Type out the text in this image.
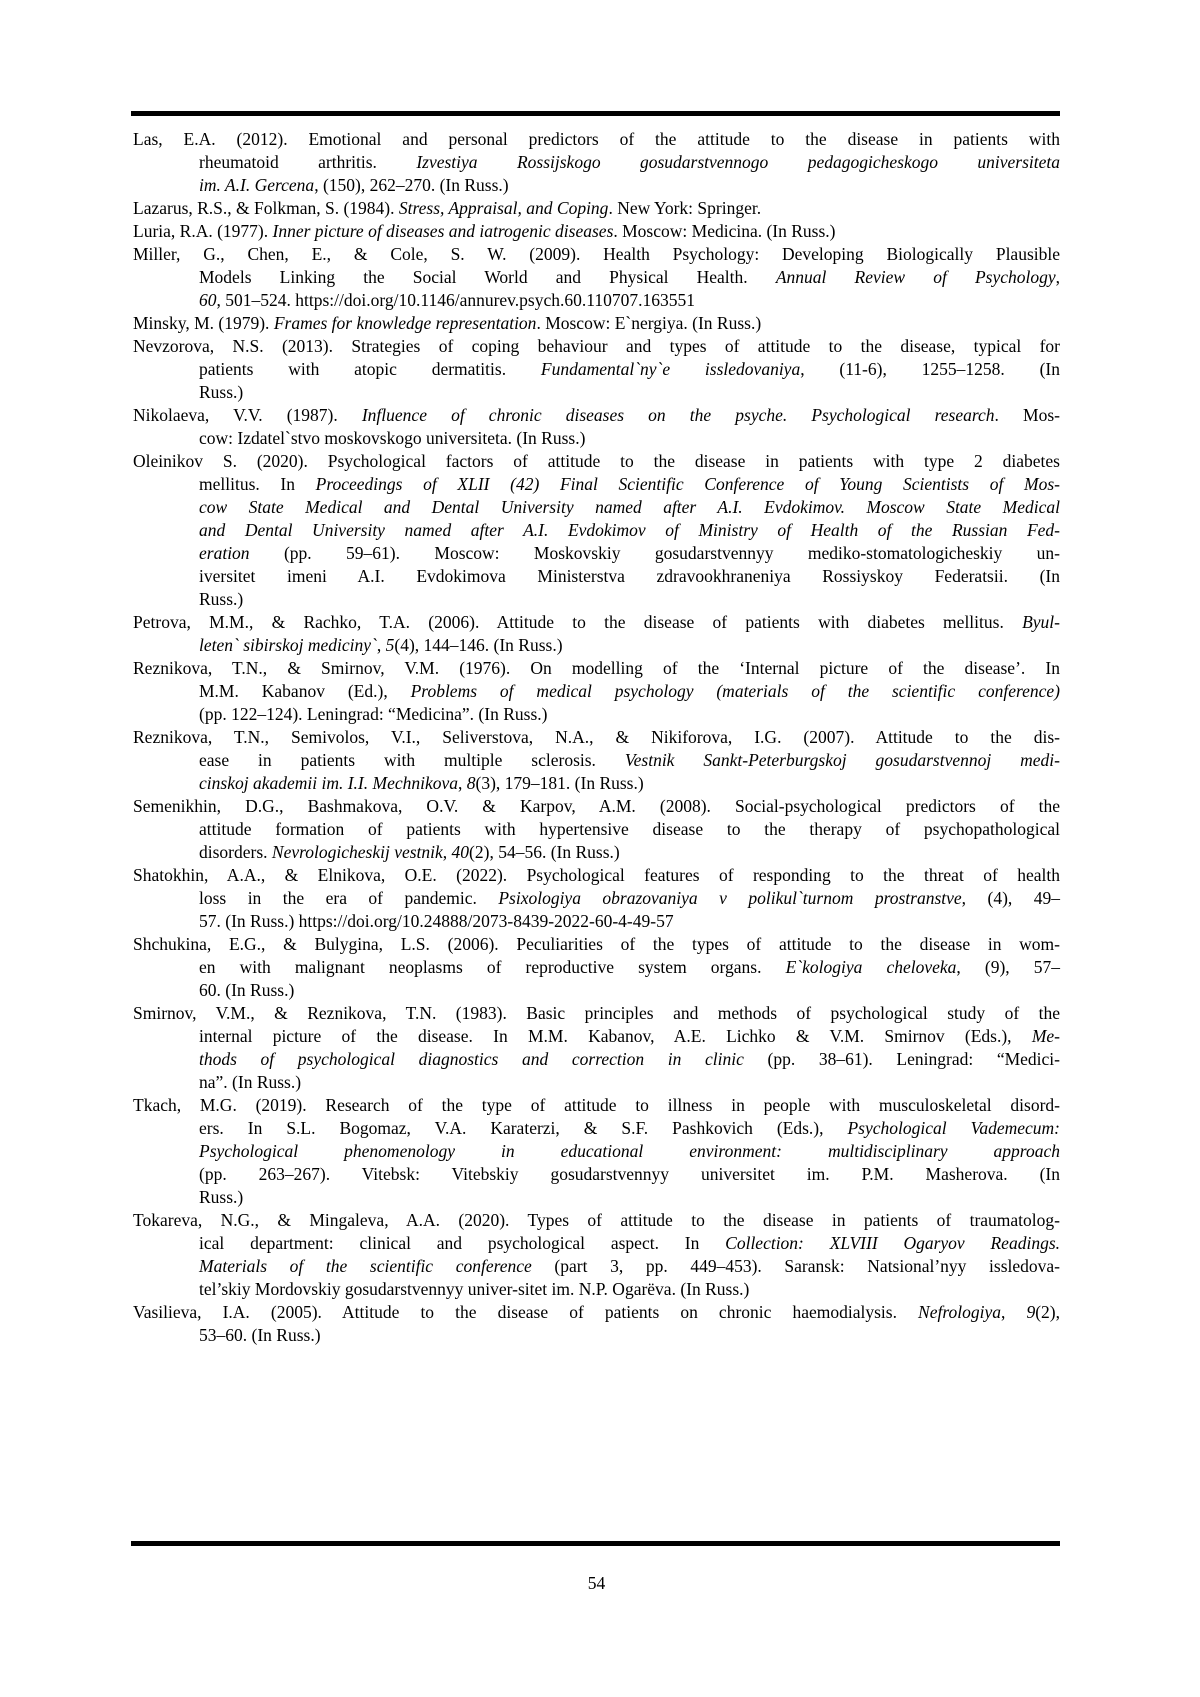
Las, E.A. (2012). Emotional and personal predictors of the attitude to the disease in patients with
rheumatoid arthritis. Izvestiya Rossijskogo gosudarstvennogo pedagogicheskogo universiteta
im. A.I. Gercena, (150), 262–270. (In Russ.)
Lazarus, R.S., & Folkman, S. (1984). Stress, Appraisal, and Coping. New York: Springer.
Luria, R.A. (1977). Inner picture of diseases and iatrogenic diseases. Moscow: Medicina. (In Russ.)
Miller, G., Chen, E., & Cole, S. W. (2009). Health Psychology: Developing Biologically Plausible
Models Linking the Social World and Physical Health. Annual Review of Psychology,
60, 501–524. https://doi.org/10.1146/annurev.psych.60.110707.163551
Minsky, M. (1979). Frames for knowledge representation. Moscow: E`nergiya. (In Russ.)
Nevzorova, N.S. (2013). Strategies of coping behaviour and types of attitude to the disease, typical for
patients with atopic dermatitis. Fundamental`ny`e issledovaniya, (11-6), 1255–1258. (In
Russ.)
Nikolaeva, V.V. (1987). Influence of chronic diseases on the psyche. Psychological research. Mos-
cow: Izdatel`stvo moskovskogo universiteta. (In Russ.)
Oleinikov S. (2020). Psychological factors of attitude to the disease in patients with type 2 diabetes
mellitus. In Proceedings of XLII (42) Final Scientific Conference of Young Scientists of Mos-
cow State Medical and Dental University named after A.I. Evdokimov. Moscow State Medical
and Dental University named after A.I. Evdokimov of Ministry of Health of the Russian Fed-
eration (pp. 59–61). Moscow: Moskovskiy gosudarstvennyy mediko-stomatologicheskiy un-
iversitet imeni A.I. Evdokimova Ministerstva zdravookhraneniya Rossiyskoy Federatsii. (In
Russ.)
Petrova, M.M., & Rachko, T.A. (2006). Attitude to the disease of patients with diabetes mellitus. Byul-
leten` sibirskoj mediciny`, 5(4), 144–146. (In Russ.)
Reznikova, T.N., & Smirnov, V.M. (1976). On modelling of the ‘Internal picture of the disease’. In
M.M. Kabanov (Ed.), Problems of medical psychology (materials of the scientific conference)
(pp. 122–124). Leningrad: “Medicina”. (In Russ.)
Reznikova, T.N., Semivolos, V.I., Seliverstova, N.A., & Nikiforova, I.G. (2007). Attitude to the dis-
ease in patients with multiple sclerosis. Vestnik Sankt-Peterburgskoj gosudarstvennoj medi-
cinskoj akademii im. I.I. Mechnikova, 8(3), 179–181. (In Russ.)
Semenikhin, D.G., Bashmakova, O.V. & Karpov, A.M. (2008). Social-psychological predictors of the
attitude formation of patients with hypertensive disease to the therapy of psychopathological
disorders. Nevrologicheskij vestnik, 40(2), 54–56. (In Russ.)
Shatokhin, A.A., & Elnikova, O.E. (2022). Psychological features of responding to the threat of health
loss in the era of pandemic. Psixologiya obrazovaniya v polikul`turnom prostranstve, (4), 49–
57. (In Russ.) https://doi.org/10.24888/2073-8439-2022-60-4-49-57
Shchukina, E.G., & Bulygina, L.S. (2006). Peculiarities of the types of attitude to the disease in wom-
en with malignant neoplasms of reproductive system organs. E`kologiya cheloveka, (9), 57–
60. (In Russ.)
Smirnov, V.M., & Reznikova, T.N. (1983). Basic principles and methods of psychological study of the
internal picture of the disease. In M.M. Kabanov, A.E. Lichko & V.M. Smirnov (Eds.), Me-
thods of psychological diagnostics and correction in clinic (pp. 38–61). Leningrad: “Medici-
na”. (In Russ.)
Tkach, M.G. (2019). Research of the type of attitude to illness in people with musculoskeletal disord-
ers. In S.L. Bogomaz, V.A. Karaterzi, & S.F. Pashkovich (Eds.), Psychological Vademecum:
Psychological phenomenology in educational environment: multidisciplinary approach
(pp. 263–267). Vitebsk: Vitebskiy gosudarstvennyy universitet im. P.M. Masherova. (In
Russ.)
Tokareva, N.G., & Mingaleva, A.A. (2020). Types of attitude to the disease in patients of traumatolog-
ical department: clinical and psychological aspect. In Collection: XLVIII Ogaryov Readings.
Materials of the scientific conference (part 3, pp. 449–453). Saransk: Natsional’nyy issledova-
tel’skiy Mordovskiy gosudarstvennyy univer-sitet im. N.P. Ogarëva. (In Russ.)
Vasilieva, I.A. (2005). Attitude to the disease of patients on chronic haemodialysis. Nefrologiya, 9(2),
53–60. (In Russ.)
54
